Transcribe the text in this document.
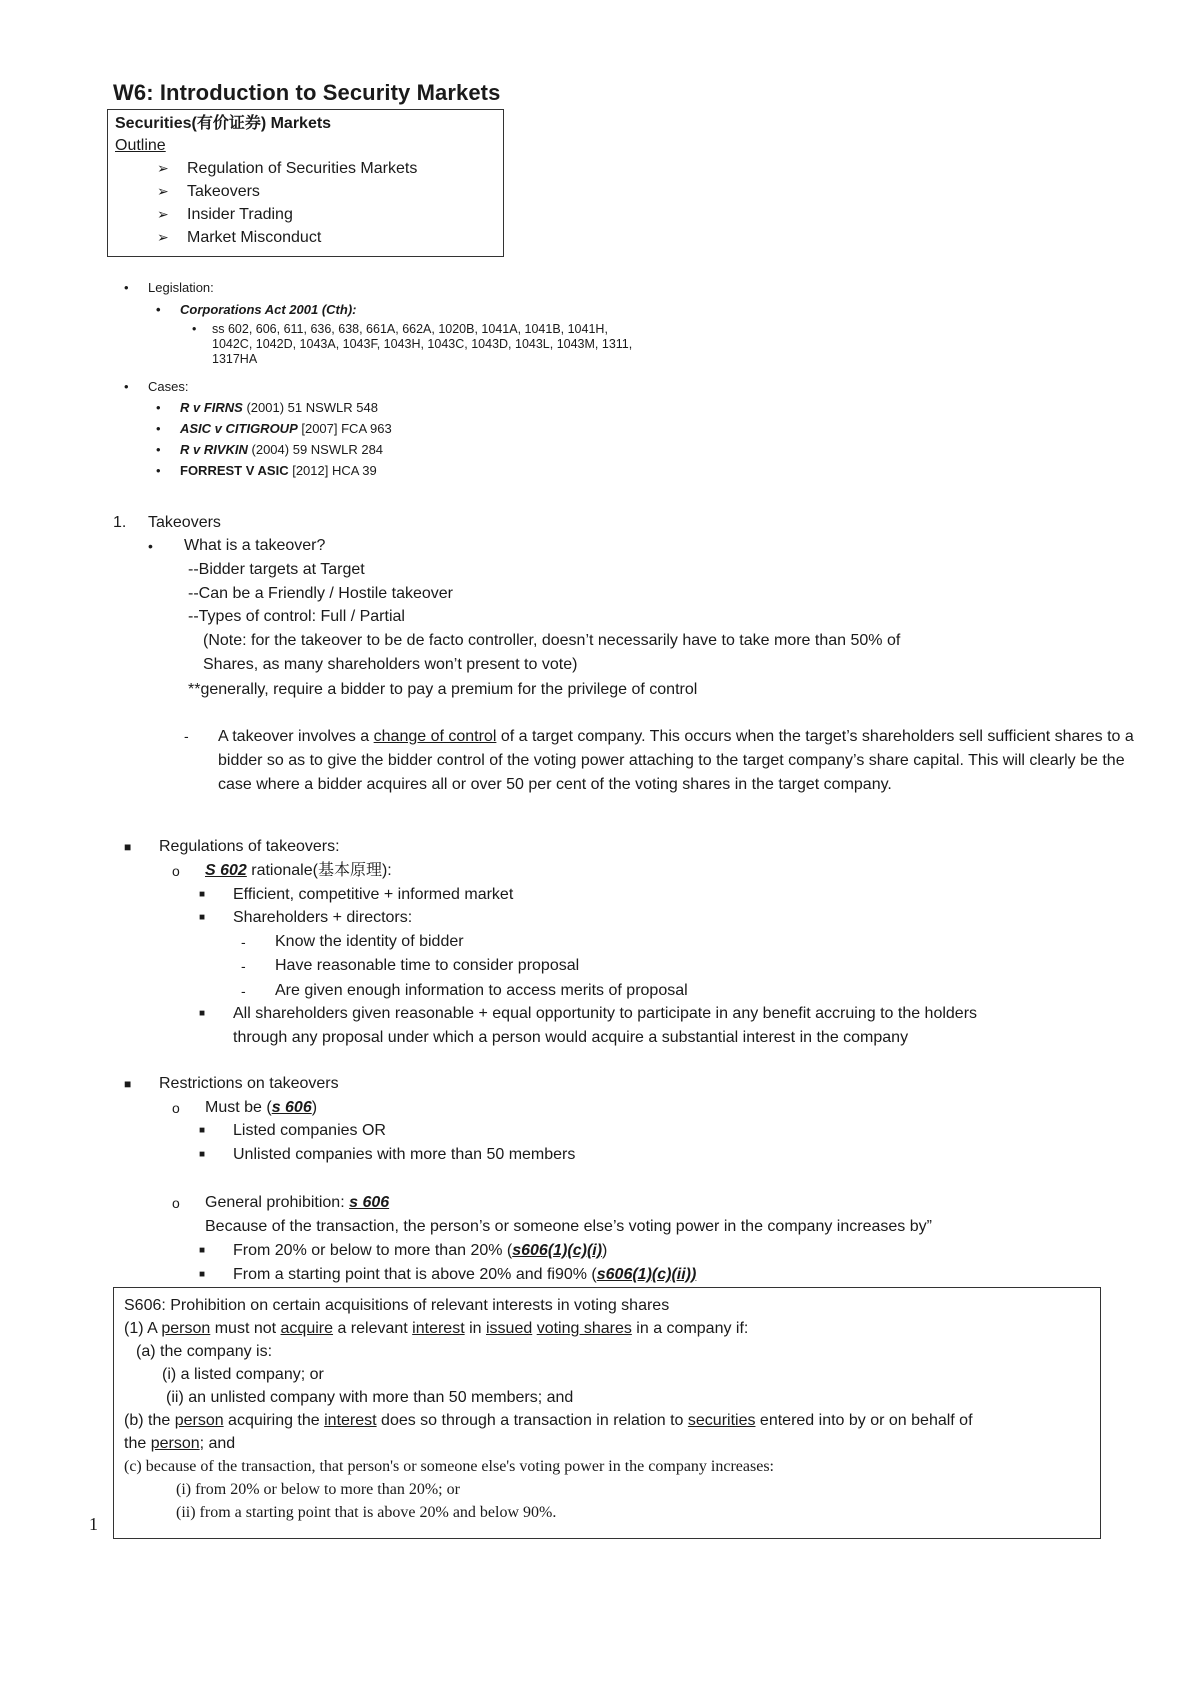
W6: Introduction to Security Markets
Securities(有价证券) Markets
Outline
➢ Regulation of Securities Markets
➢ Takeovers
➢ Insider Trading
➢ Market Misconduct
• Legislation:
• Corporations Act 2001 (Cth):
• ss 602, 606, 611, 636, 638, 661A, 662A, 1020B, 1041A, 1041B, 1041H,
1042C, 1042D, 1043A, 1043F, 1043H, 1043C, 1043D, 1043L, 1043M, 1311,
1317HA
• Cases:
• R v FIRNS (2001) 51 NSWLR 548
• ASIC v CITIGROUP [2007] FCA 963
• R v RIVKIN (2004) 59 NSWLR 284
• FORREST V ASIC [2012] HCA 39
1. Takeovers
• What is a takeover?
--Bidder targets at Target
--Can be a Friendly / Hostile takeover
--Types of control: Full / Partial
(Note: for the takeover to be de facto controller, doesn’t necessarily have to take more than 50% of
Shares, as many shareholders won’t present to vote)
**generally, require a bidder to pay a premium for the privilege of control
- A takeover involves a change of control of a target company. This occurs when the target’s shareholders sell sufficient shares to a bidder so as to give the bidder control of the voting power attaching to the target company’s share capital. This will clearly be the case where a bidder acquires all or over 50 per cent of the voting shares in the target company.
■ Regulations of takeovers:
o S 602 rationale(基本原理):
■ Efficient, competitive + informed market
■ Shareholders + directors:
- Know the identity of bidder
- Have reasonable time to consider proposal
- Are given enough information to access merits of proposal
■ All shareholders given reasonable + equal opportunity to participate in any benefit accruing to the holders
through any proposal under which a person would acquire a substantial interest in the company
■ Restrictions on takeovers
o Must be (s 606)
■ Listed companies OR
■ Unlisted companies with more than 50 members
o General prohibition: s 606
Because of the transaction, the person’s or someone else’s voting power in the company increases by”
■ From 20% or below to more than 20% (s606(1)(c)(i))
■ From a starting point that is above 20% and ﬁ90% (s606(1)(c)(ii))
S606: Prohibition on certain acquisitions of relevant interests in voting shares
(1) A person must not acquire a relevant interest in issued voting shares in a company if:
(a) the company is:
(i) a listed company; or
(ii) an unlisted company with more than 50 members; and
(b) the person acquiring the interest does so through a transaction in relation to securities entered into by or on behalf of
the person; and
(c) because of the transaction, that person's or someone else's voting power in the company increases:
(i) from 20% or below to more than 20%; or
(ii) from a starting point that is above 20% and below 90%.
1
